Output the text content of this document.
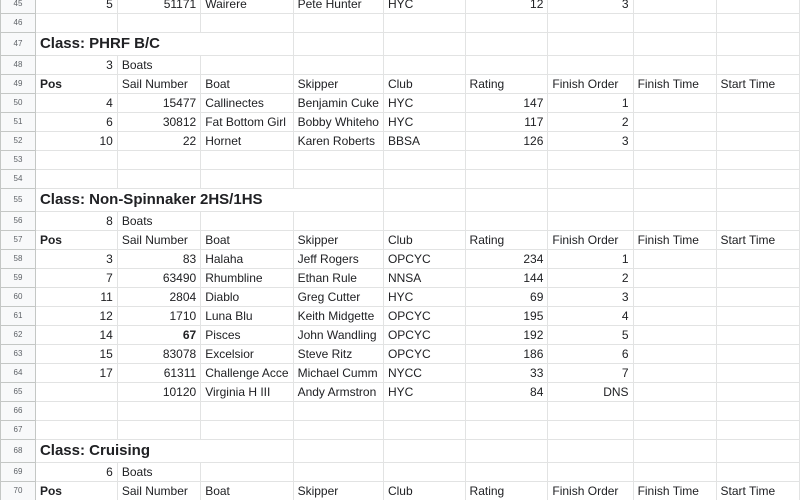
45	5	51171	Wairere	Pete Hunter	HYC	12	3		
46									
47	Class: PHRF B/C								
48	3	Boats							
49	Pos	Sail Number	Boat	Skipper	Club	Rating	Finish Order	Finish Time	Start Time
50	4	15477	Callinectes	Benjamin Cuke	HYC	147	1		
51	6	30812	Fat Bottom Girl	Bobby Whiteho	HYC	117	2		
52	10	22	Hornet	Karen Roberts	BBSA	126	3		
53									
54									
55	Class: Non-Spinnaker 2HS/1HS								
56	8	Boats							
57	Pos	Sail Number	Boat	Skipper	Club	Rating	Finish Order	Finish Time	Start Time
58	3	83	Halaha	Jeff Rogers	OPCYC	234	1		
59	7	63490	Rhumbline	Ethan Rule	NNSA	144	2		
60	11	2804	Diablo	Greg Cutter	HYC	69	3		
61	12	1710	Luna Blu	Keith Midgette	OPCYC	195	4		
62	14	67	Pisces	John Wandling	OPCYC	192	5		
63	15	83078	Excelsior	Steve Ritz	OPCYC	186	6		
64	17	61311	Challenge Acce	Michael Cumm	NYCC	33	7		
65		10120	Virginia H III	Andy Armstron	HYC	84	DNS		
66									
67									
68	Class: Cruising								
69	6	Boats							
70	Pos	Sail Number	Boat	Skipper	Club	Rating	Finish Order	Finish Time	Start Time
